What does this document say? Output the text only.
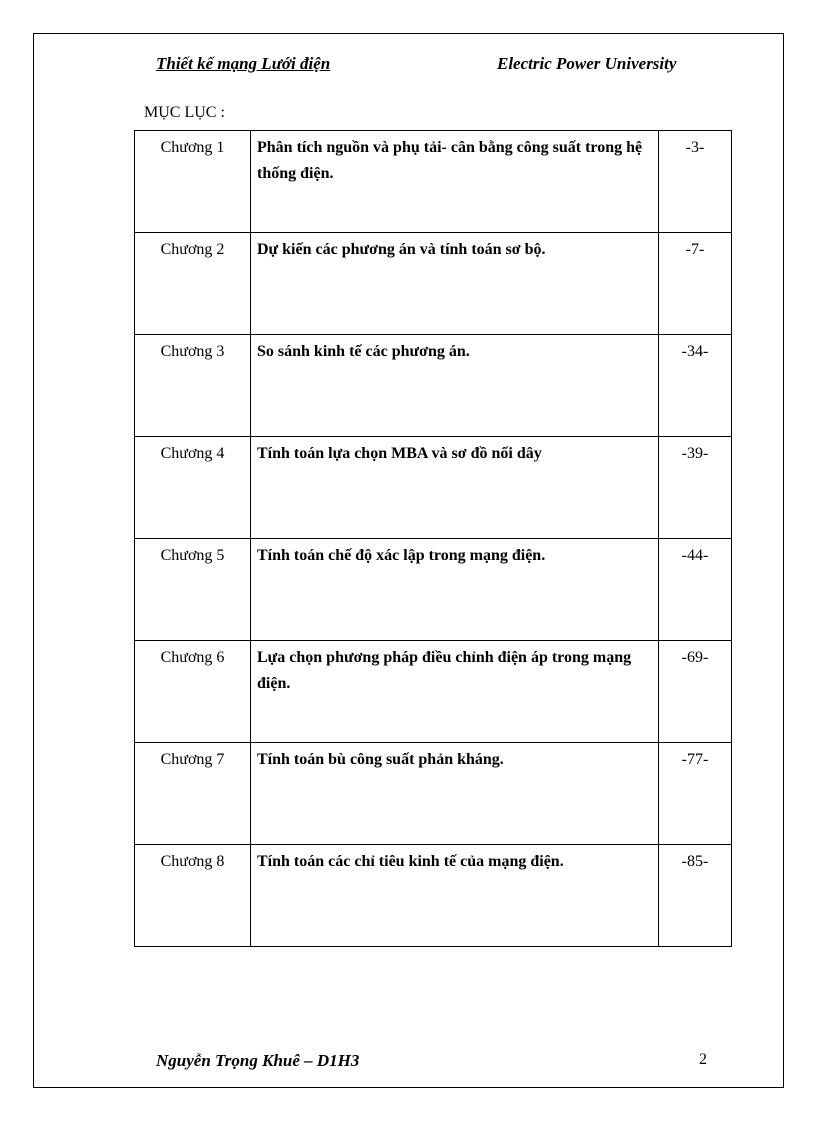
Thiết kế mạng Lưới điện	Electric Power University
MỤC LỤC :
Chương 1	Phân tích nguồn và phụ tải- cân bằng công suất trong hệ thống điện.	-3-
Chương 2	Dự kiến các phương án và tính toán sơ bộ.	-7-
Chương 3	So sánh kinh tế các phương án.	-34-
Chương 4	Tính toán lựa chọn MBA và sơ đồ nối dây	-39-
Chương 5	Tính toán chế độ xác lập trong mạng điện.	-44-
Chương 6	Lựa chọn phương pháp điều chỉnh điện áp trong mạng điện.	-69-
Chương 7	Tính toán bù công suất phản kháng.	-77-
Chương 8	Tính toán các chỉ tiêu kinh tế của mạng điện.	-85-
Nguyễn Trọng Khuê – D1H3	2
